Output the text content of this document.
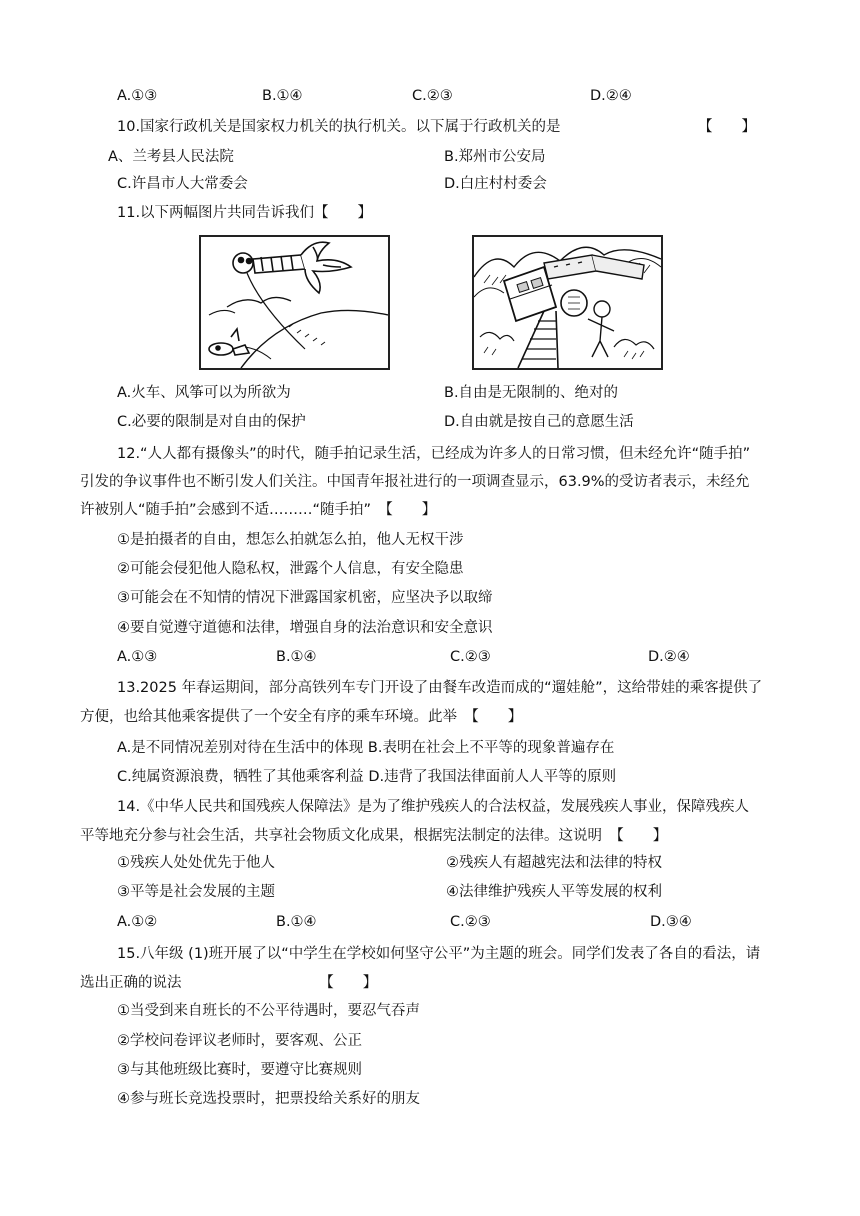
A.①③	B.①④	C.②③	D.②④
10.国家行政机关是国家权力机关的执行机关。以下属于行政机关的是	【　　】
A、兰考县人民法院	B.郑州市公安局
C.许昌市人大常委会	D.白庄村村委会
11.以下两幅图片共同告诉我们【　　】
A.火车、风筝可以为所欲为	B.自由是无限制的、绝对的
C.必要的限制是对自由的保护	D.自由就是按自己的意愿生活
12.“人人都有摄像头”的时代，随手拍记录生活，已经成为许多人的日常习惯，但未经允许“随手拍”
引发的争议事件也不断引发人们关注。中国青年报社进行的一项调查显示，63.9%的受访者表示，未经允
许被别人“随手拍”会感到不适………“随手拍”　【　　】
①是拍摄者的自由，想怎么拍就怎么拍，他人无权干涉
②可能会侵犯他人隐私权，泄露个人信息，有安全隐患
③可能会在不知情的情况下泄露国家机密，应坚决予以取缔
④要自觉遵守道德和法律，增强自身的法治意识和安全意识
A.①③	B.①④	C.②③	D.②④
13.2025 年春运期间，部分高铁列车专门开设了由餐车改造而成的“遛娃舱”，这给带娃的乘客提供了
方便，也给其他乘客提供了一个安全有序的乘车环境。此举　【　　】
A.是不同情况差别对待在生活中的体现 B.表明在社会上不平等的现象普遍存在
C.纯属资源浪费，牺牲了其他乘客利益 D.违背了我国法律面前人人平等的原则
14.《中华人民共和国残疾人保障法》是为了维护残疾人的合法权益，发展残疾人事业，保障残疾人
平等地充分参与社会生活，共享社会物质文化成果，根据宪法制定的法律。这说明　【　　】
①残疾人处处优先于他人	②残疾人有超越宪法和法律的特权
③平等是社会发展的主题	④法律维护残疾人平等发展的权利
A.①②	B.①④	C.②③	D.③④
15.八年级 (1)班开展了以“中学生在学校如何坚守公平”为主题的班会。同学们发表了各自的看法，请
选出正确的说法　　　　　　　　　　【　　】
①当受到来自班长的不公平待遇时，要忍气吞声
②学校问卷评议老师时，要客观、公正
③与其他班级比赛时，要遵守比赛规则
④参与班长竞选投票时，把票投给关系好的朋友
